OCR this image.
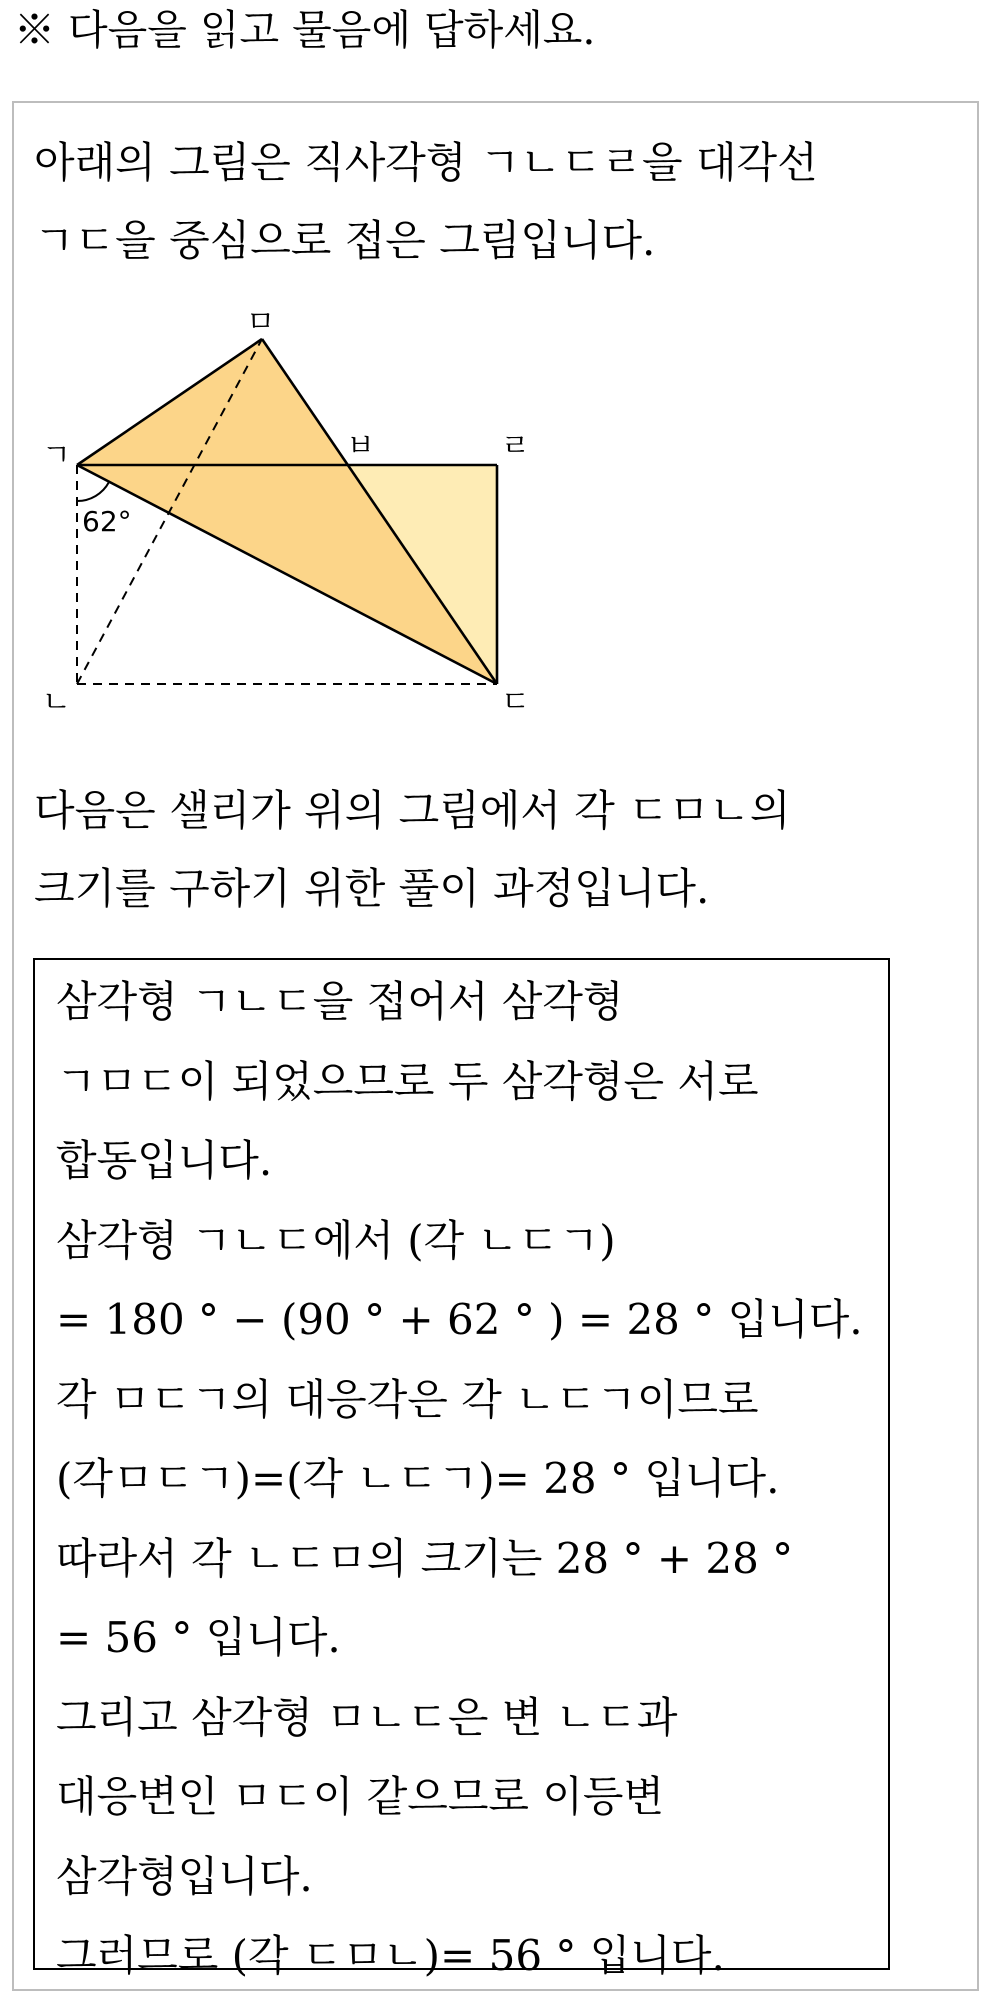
※ 다음을 읽고 물음에 답하세요.
아래의 그림은 직사각형 ㄱㄴㄷㄹ을 대각선
ㄱㄷ을 중심으로 접은 그림입니다.
ㄱ
ㄴ	ㄷ
ㄹ
ㅁ
ㅂ
62°
다음은 샐리가 위의 그림에서 각 ㄷㅁㄴ의
크기를 구하기 위한 풀이 과정입니다.
삼각형 ㄱㄴㄷ을 접어서 삼각형
ㄱㅁㄷ이 되었으므로 두 삼각형은 서로
합동입니다.
삼각형 ㄱㄴㄷ에서 (각 ㄴㄷㄱ)
= 180 ° − (90 ° + 62 ° ) = 28 ° 입니다.
각 ㅁㄷㄱ의 대응각은 각 ㄴㄷㄱ이므로
(각ㅁㄷㄱ)=(각 ㄴㄷㄱ)= 28 ° 입니다.
따라서 각 ㄴㄷㅁ의 크기는 28 ° + 28 °
= 56 ° 입니다.
그리고 삼각형 ㅁㄴㄷ은 변 ㄴㄷ과
대응변인 ㅁㄷ이 같으므로 이등변
삼각형입니다.
그러므로 (각 ㄷㅁㄴ)= 56 ° 입니다.
